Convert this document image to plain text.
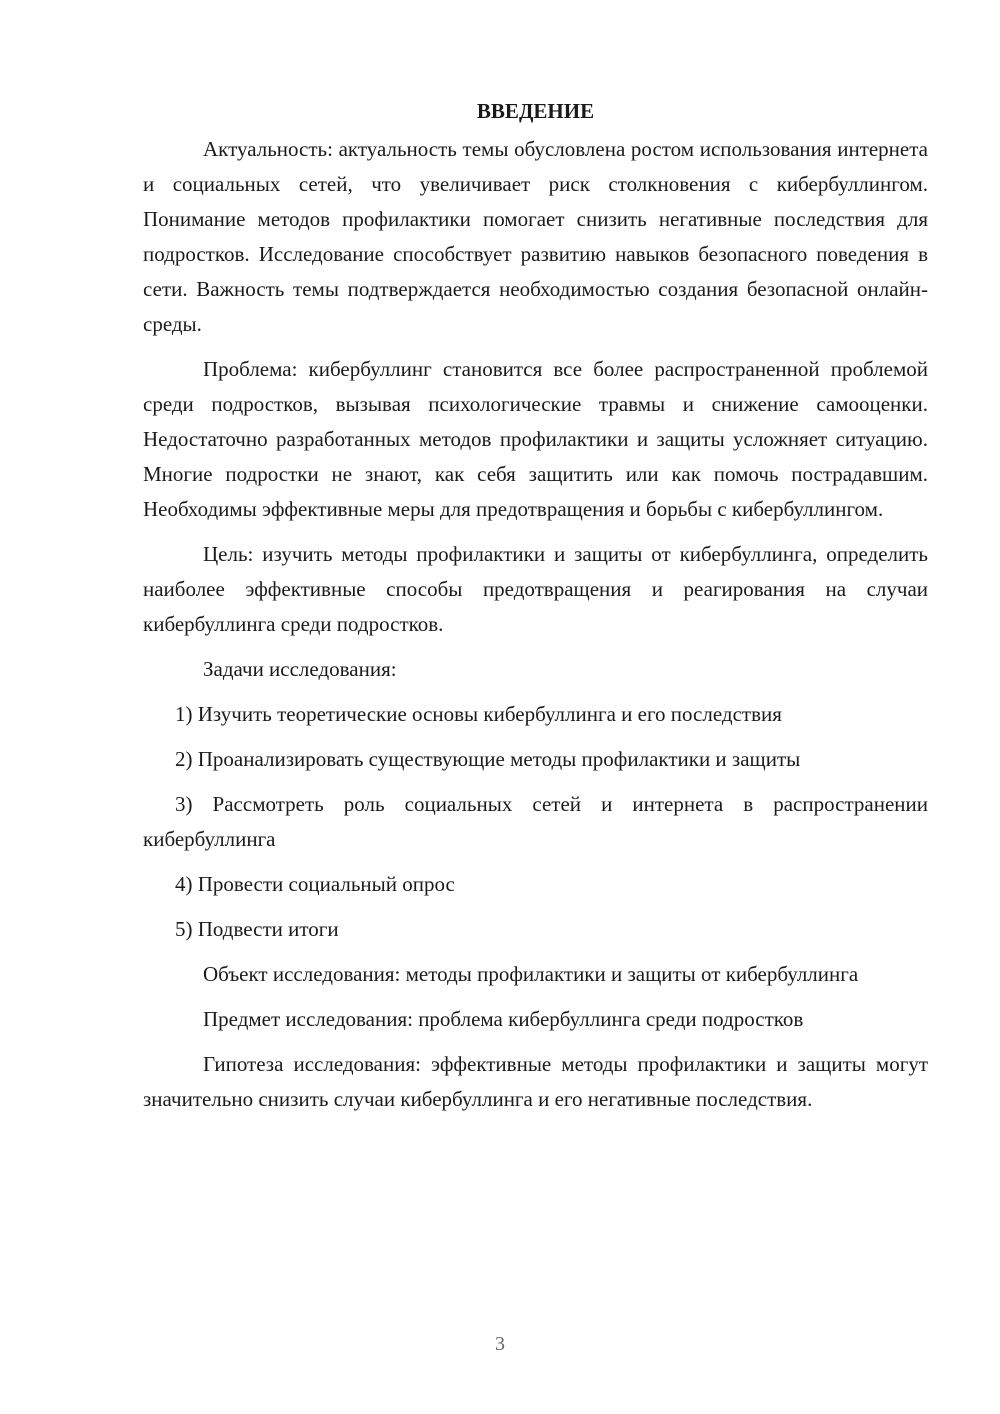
ВВЕДЕНИЕ

Актуальность: актуальность темы обусловлена ростом использования интернета и социальных сетей, что увеличивает риск столкновения с кибербуллингом. Понимание методов профилактики помогает снизить негативные последствия для подростков. Исследование способствует развитию навыков безопасного поведения в сети. Важность темы подтверждается необходимостью создания безопасной онлайн-среды.

Проблема: кибербуллинг становится все более распространенной проблемой среди подростков, вызывая психологические травмы и снижение самооценки. Недостаточно разработанных методов профилактики и защиты усложняет ситуацию. Многие подростки не знают, как себя защитить или как помочь пострадавшим. Необходимы эффективные меры для предотвращения и борьбы с кибербуллингом.

Цель: изучить методы профилактики и защиты от кибербуллинга, определить наиболее эффективные способы предотвращения и реагирования на случаи кибербуллинга среди подростков.

Задачи исследования:

1) Изучить теоретические основы кибербуллинга и его последствия

2) Проанализировать существующие методы профилактики и защиты

3) Рассмотреть роль социальных сетей и интернета в распространении кибербуллинга

4) Провести социальный опрос

5) Подвести итоги

Объект исследования: методы профилактики и защиты от кибербуллинга

Предмет исследования: проблема кибербуллинга среди подростков

Гипотеза исследования: эффективные методы профилактики и защиты могут значительно снизить случаи кибербуллинга и его негативные последствия.

3
